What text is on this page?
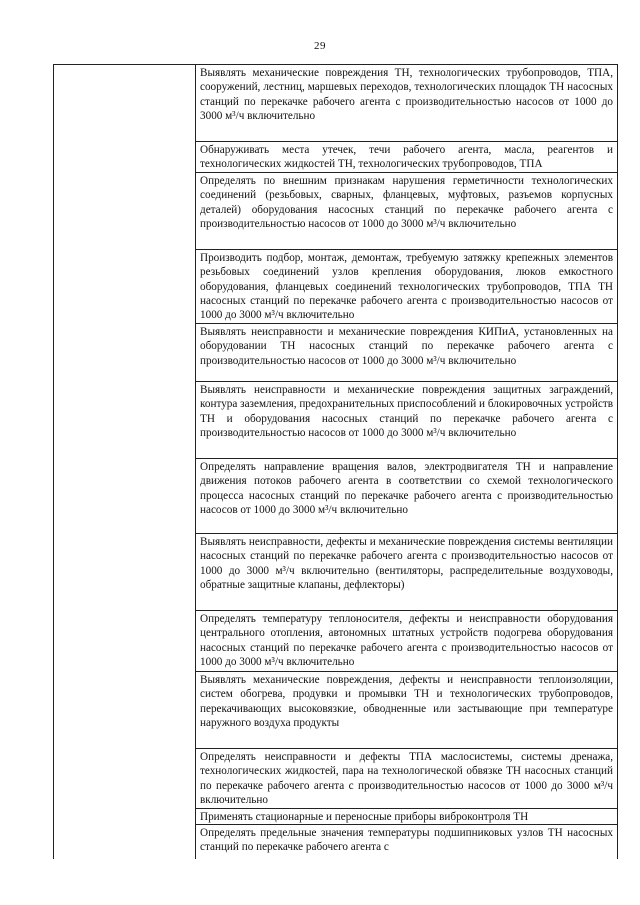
29
Выявлять механические повреждения ТН, технологических трубопроводов, ТПА, сооружений, лестниц, маршевых переходов, технологических площадок ТН насосных станций по перекачке рабочего агента с производительностью насосов от 1000 до 3000 м³/ч включительно
Обнаруживать места утечек, течи рабочего агента, масла, реагентов и технологических жидкостей ТН, технологических трубопроводов, ТПА
Определять по внешним признакам нарушения герметичности технологических соединений (резьбовых, сварных, фланцевых, муфтовых, разъемов корпусных деталей) оборудования насосных станций по перекачке рабочего агента с производительностью насосов от 1000 до 3000 м³/ч включительно
Производить подбор, монтаж, демонтаж, требуемую затяжку крепежных элементов резьбовых соединений узлов крепления оборудования, люков емкостного оборудования, фланцевых соединений технологических трубопроводов, ТПА ТН насосных станций по перекачке рабочего агента с производительностью насосов от 1000 до 3000 м³/ч включительно
Выявлять неисправности и механические повреждения КИПиА, установленных на оборудовании ТН насосных станций по перекачке рабочего агента с производительностью насосов от 1000 до 3000 м³/ч включительно
Выявлять неисправности и механические повреждения защитных заграждений, контура заземления, предохранительных приспособлений и блокировочных устройств ТН и оборудования насосных станций по перекачке рабочего агента с производительностью насосов от 1000 до 3000 м³/ч включительно
Определять направление вращения валов, электродвигателя ТН и направление движения потоков рабочего агента в соответствии со схемой технологического процесса насосных станций по перекачке рабочего агента с производительностью насосов от 1000 до 3000 м³/ч включительно
Выявлять неисправности, дефекты и механические повреждения системы вентиляции насосных станций по перекачке рабочего агента с производительностью насосов от 1000 до 3000 м³/ч включительно (вентиляторы, распределительные воздуховоды, обратные защитные клапаны, дефлекторы)
Определять температуру теплоносителя, дефекты и неисправности оборудования центрального отопления, автономных штатных устройств подогрева оборудования насосных станций по перекачке рабочего агента с производительностью насосов от 1000 до 3000 м³/ч включительно
Выявлять механические повреждения, дефекты и неисправности теплоизоляции, систем обогрева, продувки и промывки ТН и технологических трубопроводов, перекачивающих высоковязкие, обводненные или застывающие при температуре наружного воздуха продукты
Определять неисправности и дефекты ТПА маслосистемы, системы дренажа, технологических жидкостей, пара на технологической обвязке ТН насосных станций по перекачке рабочего агента с производительностью насосов от 1000 до 3000 м³/ч включительно
Применять стационарные и переносные приборы виброконтроля ТН
Определять предельные значения температуры подшипниковых узлов ТН насосных станций по перекачке рабочего агента с
